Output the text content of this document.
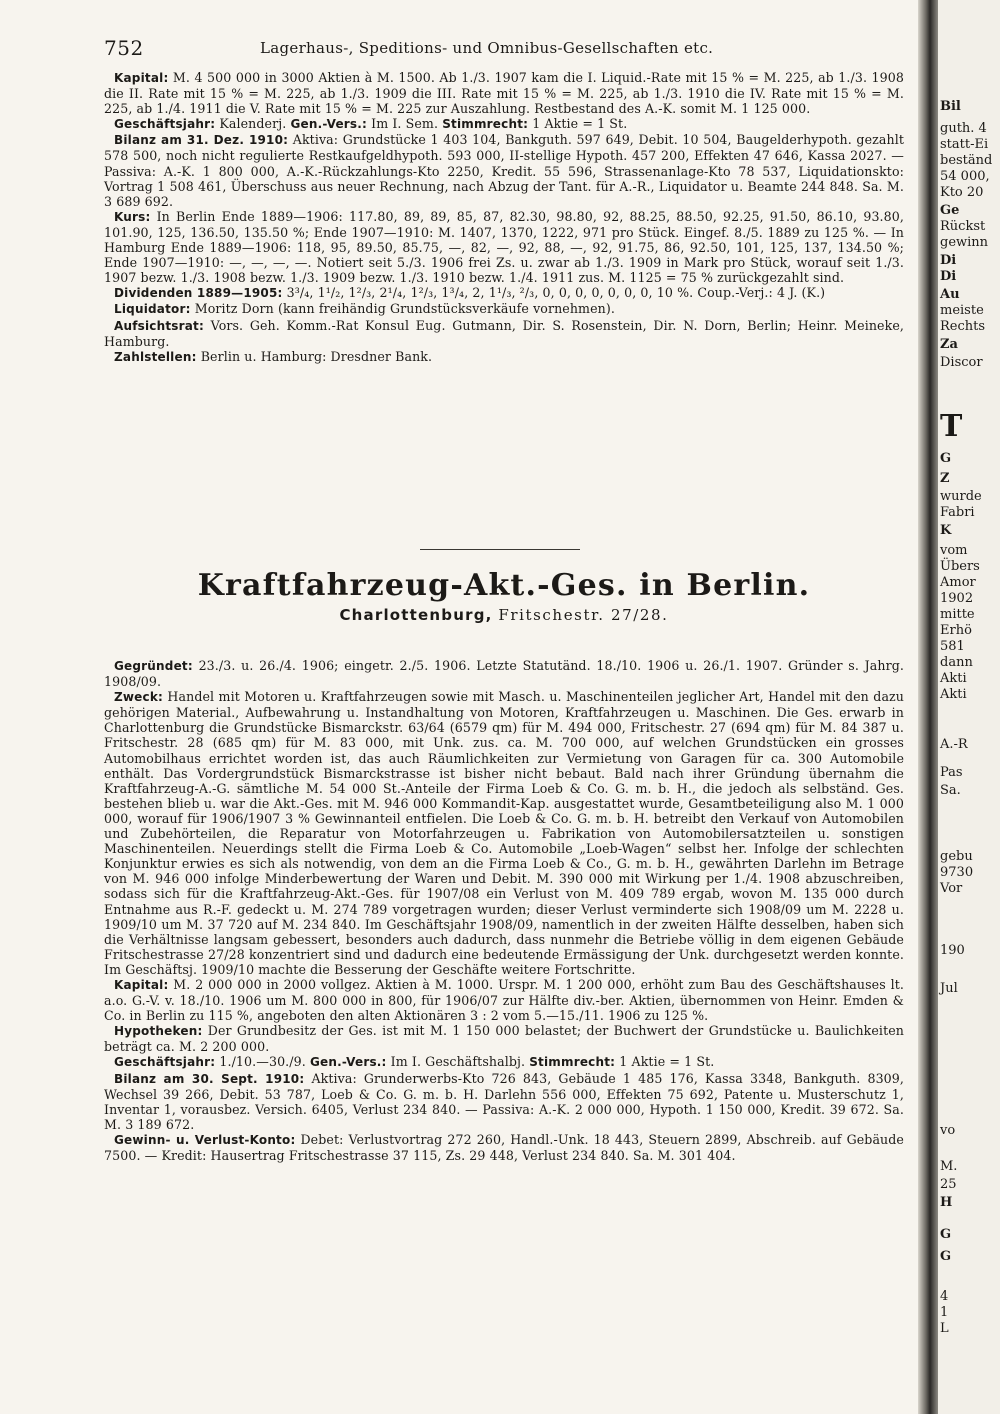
752	Lagerhaus-, Speditions- und Omnibus-Gesellschaften etc.

Kapital: M. 4 500 000 in 3000 Aktien à M. 1500. Ab 1./3. 1907 kam die I. Liquid.-Rate mit 15 % = M. 225, ab 1./3. 1908 die II. Rate mit 15 % = M. 225, ab 1./3. 1909 die III. Rate mit 15 % = M. 225, ab 1./3. 1910 die IV. Rate mit 15 % = M. 225, ab 1./4. 1911 die V. Rate mit 15 % = M. 225 zur Auszahlung. Restbestand des A.-K. somit M. 1 125 000.

Geschäftsjahr: Kalenderj. Gen.-Vers.: Im I. Sem. Stimmrecht: 1 Aktie = 1 St.

Bilanz am 31. Dez. 1910: Aktiva: Grundstücke 1 403 104, Bankguth. 597 649, Debit. 10 504, Baugelderhypoth. gezahlt 578 500, noch nicht regulierte Restkaufgeldhypoth. 593 000, II-stellige Hypoth. 457 200, Effekten 47 646, Kassa 2027. — Passiva: A.-K. 1 800 000, A.-K.-Rückzahlungs-Kto 2250, Kredit. 55 596, Strassenanlage-Kto 78 537, Liquidationskto: Vortrag 1 508 461, Überschuss aus neuer Rechnung, nach Abzug der Tant. für A.-R., Liquidator u. Beamte 244 848. Sa. M. 3 689 692.

Kurs: In Berlin Ende 1889—1906: 117.80, 89, 89, 85, 87, 82.30, 98.80, 92, 88.25, 88.50, 92.25, 91.50, 86.10, 93.80, 101.90, 125, 136.50, 135.50 %; Ende 1907—1910: M. 1407, 1370, 1222, 971 pro Stück. Eingef. 8./5. 1889 zu 125 %. — In Hamburg Ende 1889—1906: 118, 95, 89.50, 85.75, —, 82, —, 92, 88, —, 92, 91.75, 86, 92.50, 101, 125, 137, 134.50 %; Ende 1907—1910: —, —, —, —. Notiert seit 5./3. 1906 frei Zs. u. zwar ab 1./3. 1909 in Mark pro Stück, worauf seit 1./3. 1907 bezw. 1./3. 1908 bezw. 1./3. 1909 bezw. 1./3. 1910 bezw. 1./4. 1911 zus. M. 1125 = 75 % zurückgezahlt sind.

Dividenden 1889—1905: 3³/₄, 1¹/₂, 1²/₃, 2¹/₄, 1²/₃, 1³/₄, 2, 1¹/₃, ²/₃, 0, 0, 0, 0, 0, 0, 0, 10 %. Coup.-Verj.: 4 J. (K.)

Liquidator: Moritz Dorn (kann freihändig Grundstücksverkäufe vornehmen).

Aufsichtsrat: Vors. Geh. Komm.-Rat Konsul Eug. Gutmann, Dir. S. Rosenstein, Dir. N. Dorn, Berlin; Heinr. Meineke, Hamburg.

Zahlstellen: Berlin u. Hamburg: Dresdner Bank.

Kraftfahrzeug-Akt.-Ges. in Berlin.
Charlottenburg, Fritschestr. 27/28.

Gegründet: 23./3. u. 26./4. 1906; eingetr. 2./5. 1906. Letzte Statutänd. 18./10. 1906 u. 26./1. 1907. Gründer s. Jahrg. 1908/09.

Zweck: Handel mit Motoren u. Kraftfahrzeugen sowie mit Masch. u. Maschinenteilen jeglicher Art, Handel mit den dazu gehörigen Material., Aufbewahrung u. Instandhaltung von Motoren, Kraftfahrzeugen u. Maschinen. Die Ges. erwarb in Charlottenburg die Grundstücke Bismarckstr. 63/64 (6579 qm) für M. 494 000, Fritschestr. 27 (694 qm) für M. 84 387 u. Fritschestr. 28 (685 qm) für M. 83 000, mit Unk. zus. ca. M. 700 000, auf welchen Grundstücken ein grosses Automobilhaus errichtet worden ist, das auch Räumlichkeiten zur Vermietung von Garagen für ca. 300 Automobile enthält. Das Vordergrundstück Bismarckstrasse ist bisher nicht bebaut. Bald nach ihrer Gründung übernahm die Kraftfahrzeug-A.-G. sämtliche M. 54 000 St.-Anteile der Firma Loeb & Co. G. m. b. H., die jedoch als selbständ. Ges. bestehen blieb u. war die Akt.-Ges. mit M. 946 000 Kommandit-Kap. ausgestattet wurde, Gesamtbeteiligung also M. 1 000 000, worauf für 1906/1907 3 % Gewinnanteil entfielen. Die Loeb & Co. G. m. b. H. betreibt den Verkauf von Automobilen und Zubehörteilen, die Reparatur von Motorfahrzeugen u. Fabrikation von Automobilersatzteilen u. sonstigen Maschinenteilen. Neuerdings stellt die Firma Loeb & Co. Automobile „Loeb-Wagen“ selbst her. Infolge der schlechten Konjunktur erwies es sich als notwendig, von dem an die Firma Loeb & Co., G. m. b. H., gewährten Darlehn im Betrage von M. 946 000 infolge Minderbewertung der Waren und Debit. M. 390 000 mit Wirkung per 1./4. 1908 abzuschreiben, sodass sich für die Kraftfahrzeug-Akt.-Ges. für 1907/08 ein Verlust von M. 409 789 ergab, wovon M. 135 000 durch Entnahme aus R.-F. gedeckt u. M. 274 789 vorgetragen wurden; dieser Verlust verminderte sich 1908/09 um M. 2228 u. 1909/10 um M. 37 720 auf M. 234 840. Im Geschäftsjahr 1908/09, namentlich in der zweiten Hälfte desselben, haben sich die Verhältnisse langsam gebessert, besonders auch dadurch, dass nunmehr die Betriebe völlig in dem eigenen Gebäude Fritschestrasse 27/28 konzentriert sind und dadurch eine bedeutende Ermässigung der Unk. durchgesetzt werden konnte. Im Geschäftsj. 1909/10 machte die Besserung der Geschäfte weitere Fortschritte.

Kapital: M. 2 000 000 in 2000 vollgez. Aktien à M. 1000. Urspr. M. 1 200 000, erhöht zum Bau des Geschäftshauses lt. a.o. G.-V. v. 18./10. 1906 um M. 800 000 in 800, für 1906/07 zur Hälfte div.-ber. Aktien, übernommen von Heinr. Emden & Co. in Berlin zu 115 %, angeboten den alten Aktionären 3 : 2 vom 5.—15./11. 1906 zu 125 %.

Hypotheken: Der Grundbesitz der Ges. ist mit M. 1 150 000 belastet; der Buchwert der Grundstücke u. Baulichkeiten beträgt ca. M. 2 200 000.

Geschäftsjahr: 1./10.—30./9. Gen.-Vers.: Im I. Geschäftshalbj. Stimmrecht: 1 Aktie = 1 St.

Bilanz am 30. Sept. 1910: Aktiva: Grunderwerbs-Kto 726 843, Gebäude 1 485 176, Kassa 3348, Bankguth. 8309, Wechsel 39 266, Debit. 53 787, Loeb & Co. G. m. b. H. Darlehn 556 000, Effekten 75 692, Patente u. Musterschutz 1, Inventar 1, vorausbez. Versich. 6405, Verlust 234 840. — Passiva: A.-K. 2 000 000, Hypoth. 1 150 000, Kredit. 39 672. Sa. M. 3 189 672.

Gewinn- u. Verlust-Konto: Debet: Verlustvortrag 272 260, Handl.-Unk. 18 443, Steuern 2899, Abschreib. auf Gebäude 7500. — Kredit: Hausertrag Fritschestrasse 37 115, Zs. 29 448, Verlust 234 840. Sa. M. 301 404.

Bil
guth. 4
statt-Ei
beständ
54 000,
Kto 20
Ge
Rückst
gewinn
Di
Di
Au
meiste
Rechts
Za
Discor
T
G
Z
wurde
Fabri
K
vom
Übers
Amor
1902
mitte
Erhö
581
dann
Akti
Akti
A.-R
Pas
Sa.
gebu
9730
Vor
190
Jul
vo
M.
25
H
G
G
4
1
L
